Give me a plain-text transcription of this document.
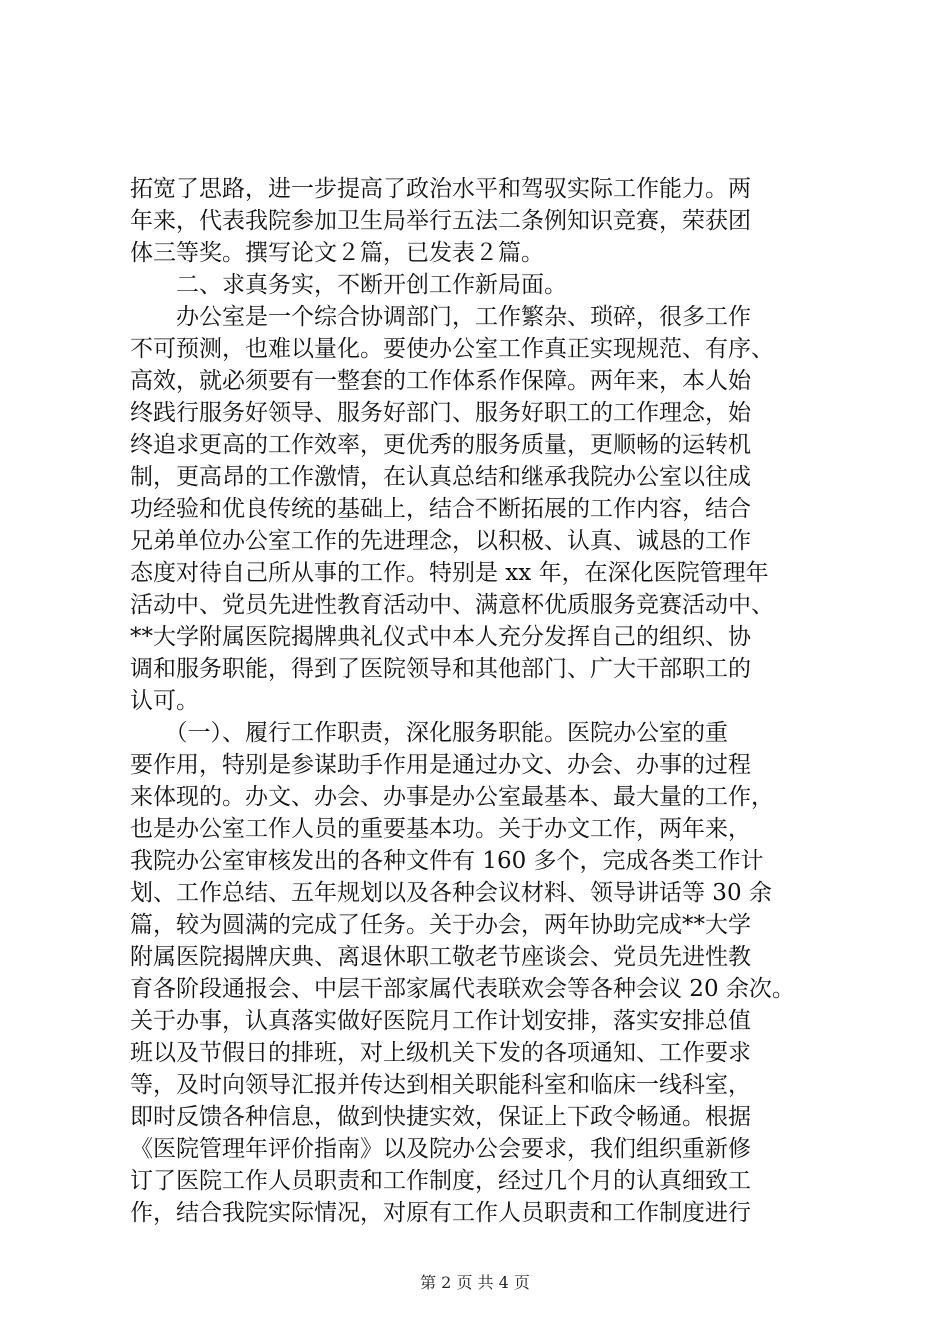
拓宽了思路，进一步提高了政治水平和驾驭实际工作能力。两
年来，代表我院参加卫生局举行五法二条例知识竞赛，荣获团
体三等奖。撰写论文２篇，已发表２篇。
　　二、求真务实，不断开创工作新局面。
　　办公室是一个综合协调部门，工作繁杂、琐碎，很多工作
不可预测，也难以量化。要使办公室工作真正实现规范、有序、
高效，就必须要有一整套的工作体系作保障。两年来，本人始
终践行服务好领导、服务好部门、服务好职工的工作理念，始
终追求更高的工作效率，更优秀的服务质量，更顺畅的运转机
制，更高昂的工作激情，在认真总结和继承我院办公室以往成
功经验和优良传统的基础上，结合不断拓展的工作内容，结合
兄弟单位办公室工作的先进理念，以积极、认真、诚恳的工作
态度对待自己所从事的工作。特别是 xx 年，在深化医院管理年
活动中、党员先进性教育活动中、满意杯优质服务竞赛活动中、
**大学附属医院揭牌典礼仪式中本人充分发挥自己的组织、协
调和服务职能，得到了医院领导和其他部门、广大干部职工的
认可。
　　（一）、履行工作职责，深化服务职能。医院办公室的重
要作用，特别是参谋助手作用是通过办文、办会、办事的过程
来体现的。办文、办会、办事是办公室最基本、最大量的工作，
也是办公室工作人员的重要基本功。关于办文工作，两年来，
我院办公室审核发出的各种文件有 160 多个，完成各类工作计
划、工作总结、五年规划以及各种会议材料、领导讲话等 30 余
篇，较为圆满的完成了任务。关于办会，两年协助完成**大学
附属医院揭牌庆典、离退休职工敬老节座谈会、党员先进性教
育各阶段通报会、中层干部家属代表联欢会等各种会议 20 余次。
关于办事，认真落实做好医院月工作计划安排，落实安排总值
班以及节假日的排班，对上级机关下发的各项通知、工作要求
等，及时向领导汇报并传达到相关职能科室和临床一线科室，
即时反馈各种信息，做到快捷实效，保证上下政令畅通。根据
《医院管理年评价指南》以及院办公会要求，我们组织重新修
订了医院工作人员职责和工作制度，经过几个月的认真细致工
作，结合我院实际情况，对原有工作人员职责和工作制度进行
第 2 页 共 4 页
